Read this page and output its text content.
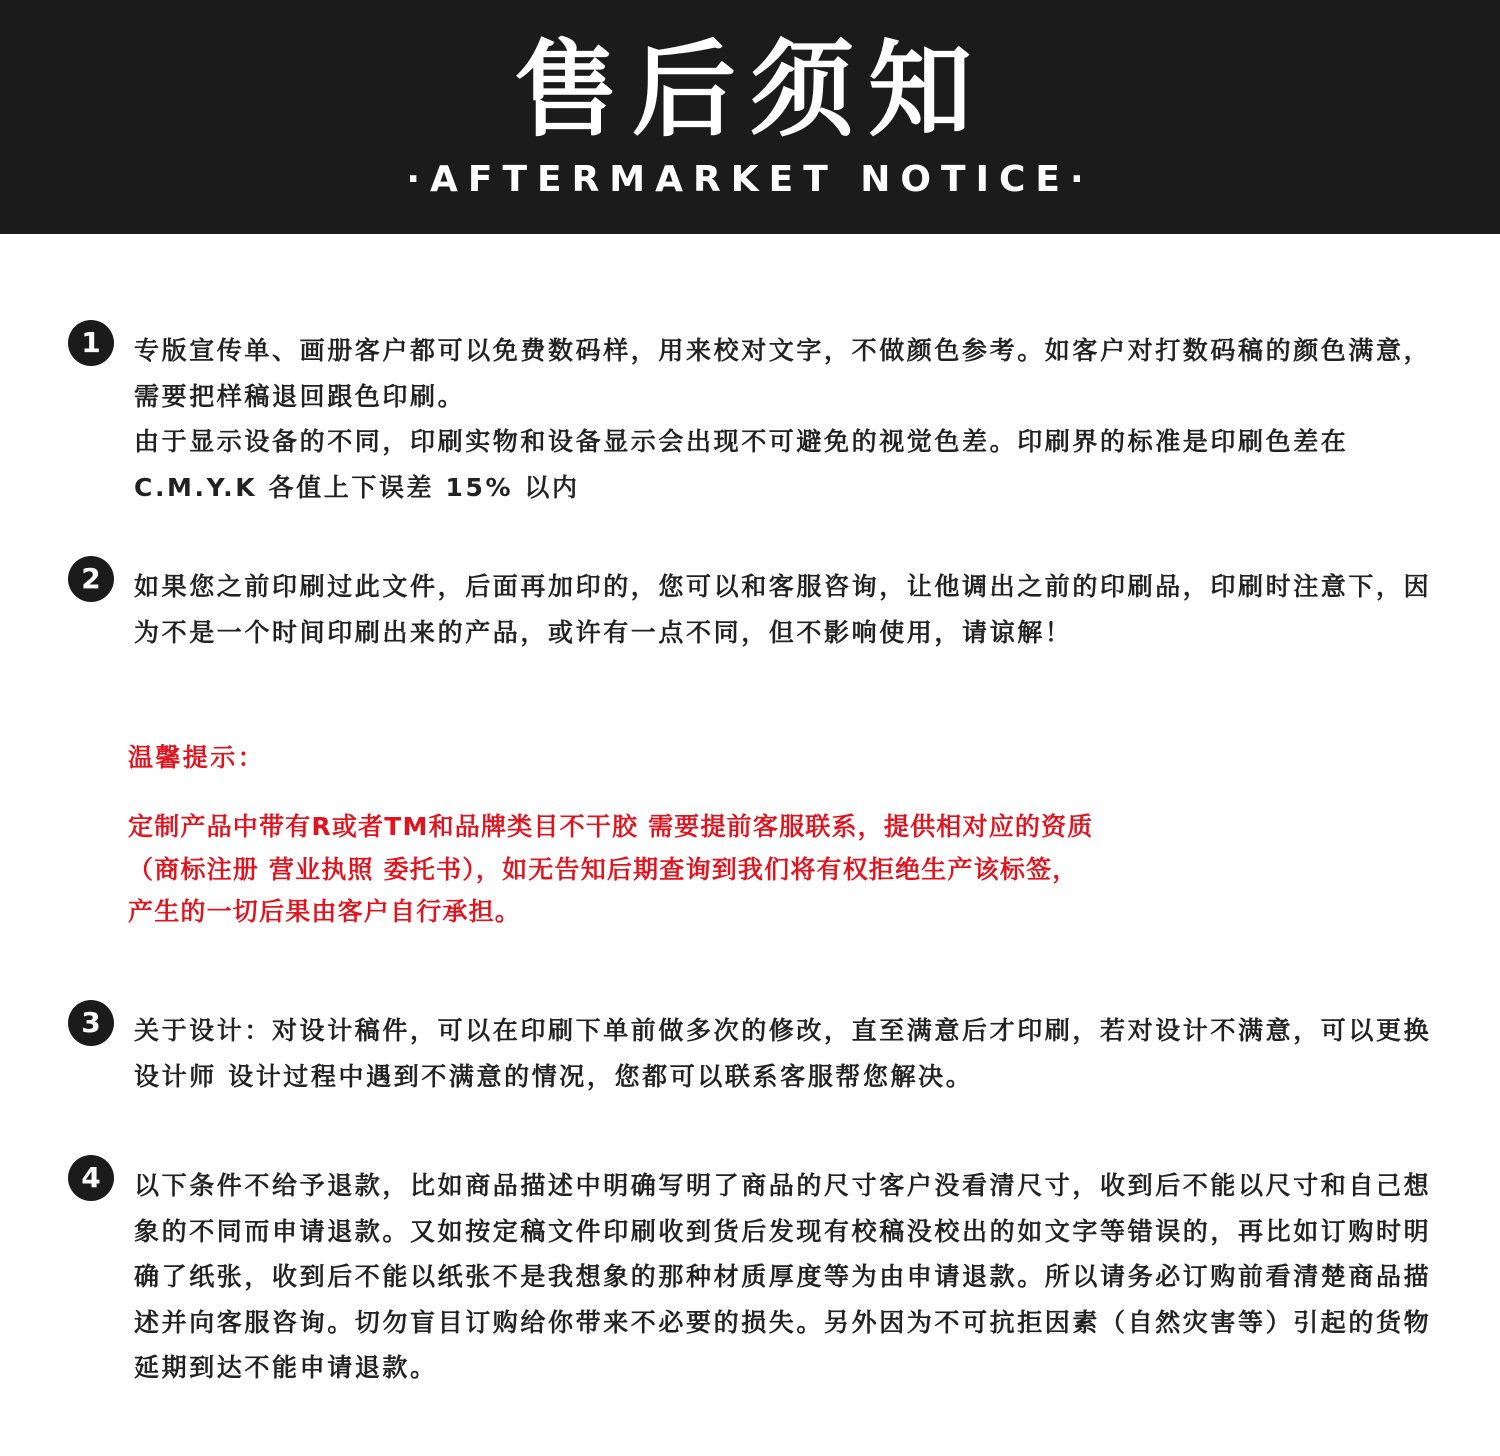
售后须知
·AFTERMARKET NOTICE·
1	专版宣传单、画册客户都可以免费数码样，用来校对文字，不做颜色参考。如客户对打数码稿的颜色满意，需要把样稿退回跟色印刷。

由于显示设备的不同，印刷实物和设备显示会出现不可避免的视觉色差。印刷界的标准是印刷色差在 C.M.Y.K 各值上下误差 15% 以内

2	如果您之前印刷过此文件，后面再加印的，您可以和客服咨询，让他调出之前的印刷品，印刷时注意下，因为不是一个时间印刷出来的产品，或许有一点不同，但不影响使用，请谅解！

温馨提示：
定制产品中带有R或者TM和品牌类目不干胶 需要提前客服联系，提供相对应的资质
（商标注册 营业执照 委托书），如无告知后期查询到我们将有权拒绝生产该标签，
产生的一切后果由客户自行承担。
3	关于设计：对设计稿件，可以在印刷下单前做多次的修改，直至满意后才印刷，若对设计不满意，可以更换设计师 设计过程中遇到不满意的情况，您都可以联系客服帮您解决。

4	以下条件不给予退款，比如商品描述中明确写明了商品的尺寸客户没看清尺寸，收到后不能以尺寸和自己想象的不同而申请退款。又如按定稿文件印刷收到货后发现有校稿没校出的如文字等错误的，再比如订购时明确了纸张，收到后不能以纸张不是我想象的那种材质厚度等为由申请退款。所以请务必订购前看清楚商品描述并向客服咨询。切勿盲目订购给你带来不必要的损失。另外因为不可抗拒因素（自然灾害等）引起的货物延期到达不能申请退款。
